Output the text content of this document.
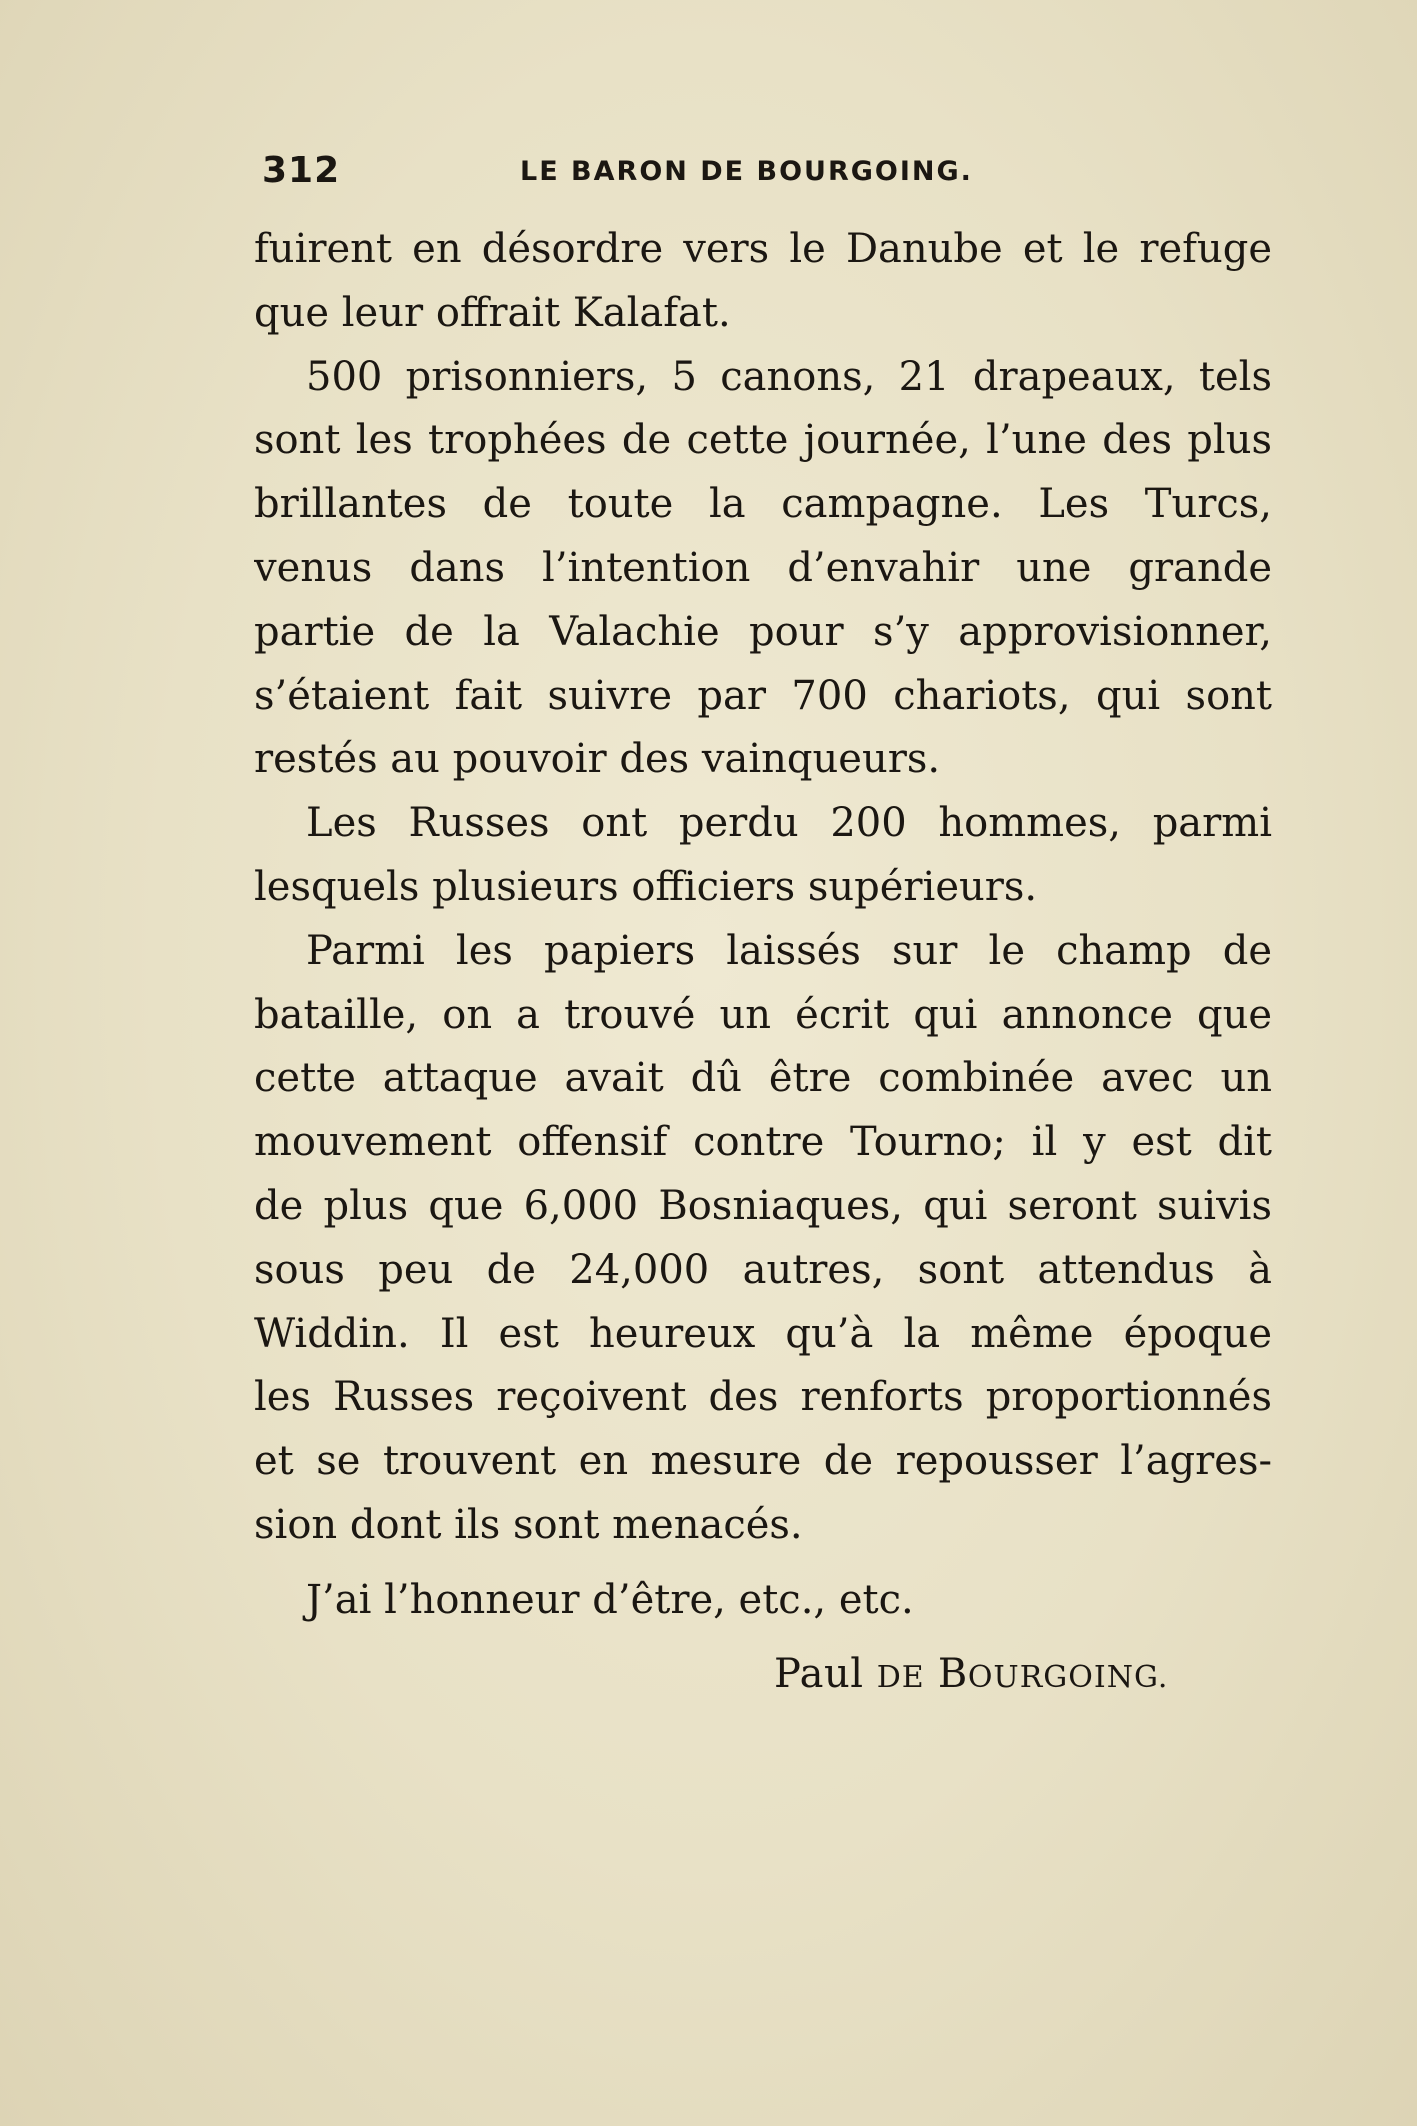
312	LE BARON DE BOURGOING.

fuirent en désordre vers le Danube et le refuge
que leur offrait Kalafat.

500 prisonniers, 5 canons, 21 drapeaux, tels
sont les trophées de cette journée, l’une des plus
brillantes de toute la campagne. Les Turcs,
venus dans l’intention d’envahir une grande
partie de la Valachie pour s’y approvisionner,
s’étaient fait suivre par 700 chariots, qui sont
restés au pouvoir des vainqueurs.

Les Russes ont perdu 200 hommes, parmi
lesquels plusieurs officiers supérieurs.

Parmi les papiers laissés sur le champ de
bataille, on a trouvé un écrit qui annonce que
cette attaque avait dû être combinée avec un
mouvement offensif contre Tourno; il y est dit
de plus que 6,000 Bosniaques, qui seront suivis
sous peu de 24,000 autres, sont attendus à
Widdin. Il est heureux qu’à la même époque
les Russes reçoivent des renforts proportionnés
et se trouvent en mesure de repousser l’agres-
sion dont ils sont menacés.

J’ai l’honneur d’être, etc., etc.
Paul DE BOURGOING.
